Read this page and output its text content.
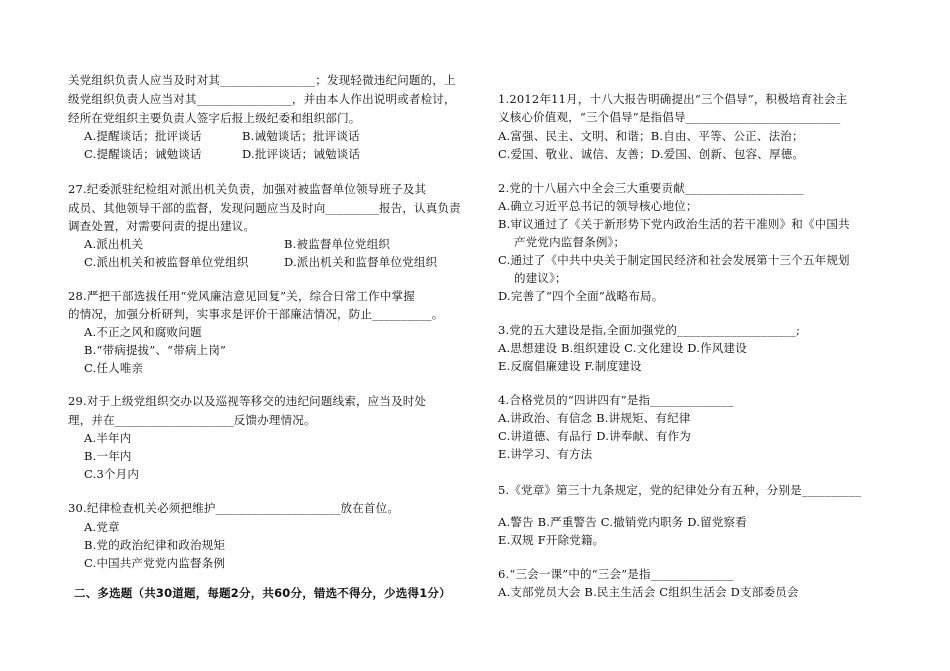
关党组织负责人应当及时对其________________；发现轻微违纪问题的，上
级党组织负责人应当对其________________，并由本人作出说明或者检讨，
经所在党组织主要负责人签字后报上级纪委和组织部门。
A.提醒谈话；批评谈话	B.诫勉谈话；批评谈话
C.提醒谈话；诫勉谈话	D.批评谈话；诫勉谈话
27.纪委派驻纪检组对派出机关负责，加强对被监督单位领导班子及其
成员、其他领导干部的监督，发现问题应当及时向_________报告，认真负责
调查处置，对需要问责的提出建议。
A.派出机关	B.被监督单位党组织
C.派出机关和被监督单位党组织	D.派出机关和监督单位党组织
28.严把干部选拔任用“党风廉洁意见回复”关，综合日常工作中掌握
的情况，加强分析研判，实事求是评价干部廉洁情况，防止__________。
A.不正之风和腐败问题
B.“带病提拔”、“带病上岗”
C.任人唯亲
29.对于上级党组织交办以及巡视等移交的违纪问题线索，应当及时处
理，并在____________________反馈办理情况。
A.半年内
B.一年内
C.3个月内
30.纪律检查机关必须把维护_____________________放在首位。
A.党章
B.党的政治纪律和政治规矩
C.中国共产党党内监督条例
二、多选题（共30道题，每题2分，共60分，错选不得分，少选得1分）
1.2012年11月，十八大报告明确提出“三个倡导”，积极培育社会主
义核心价值观，“三个倡导”是指倡导__________________________
A.富强、民主、文明、和谐；B.自由、平等、公正、法治；
C.爱国、敬业、诚信、友善；D.爱国、创新、包容、厚德。
2.党的十八届六中全会三大重要贡献____________________
A.确立习近平总书记的领导核心地位；
B.审议通过了《关于新形势下党内政治生活的若干准则》和《中国共
产党党内监督条例》；
C.通过了《中共中央关于制定国民经济和社会发展第十三个五年规划
的建议》；
D.完善了“四个全面”战略布局。
3.党的五大建设是指,全面加强党的____________________;
A.思想建设 B.组织建设 C.文化建设 D.作风建设
E.反腐倡廉建设 F.制度建设
4.合格党员的“四讲四有”是指______________
A.讲政治、有信念 B.讲规矩、有纪律
C.讲道德、有品行 D.讲奉献、有作为
E.讲学习、有方法
5.《党章》第三十九条规定，党的纪律处分有五种，分别是__________
A.警告 B.严重警告 C.撤销党内职务 D.留党察看
E.双规 F开除党籍。
6.“三会一课”中的“三会”是指______________
A.支部党员大会 B.民主生活会 C组织生活会 D支部委员会
